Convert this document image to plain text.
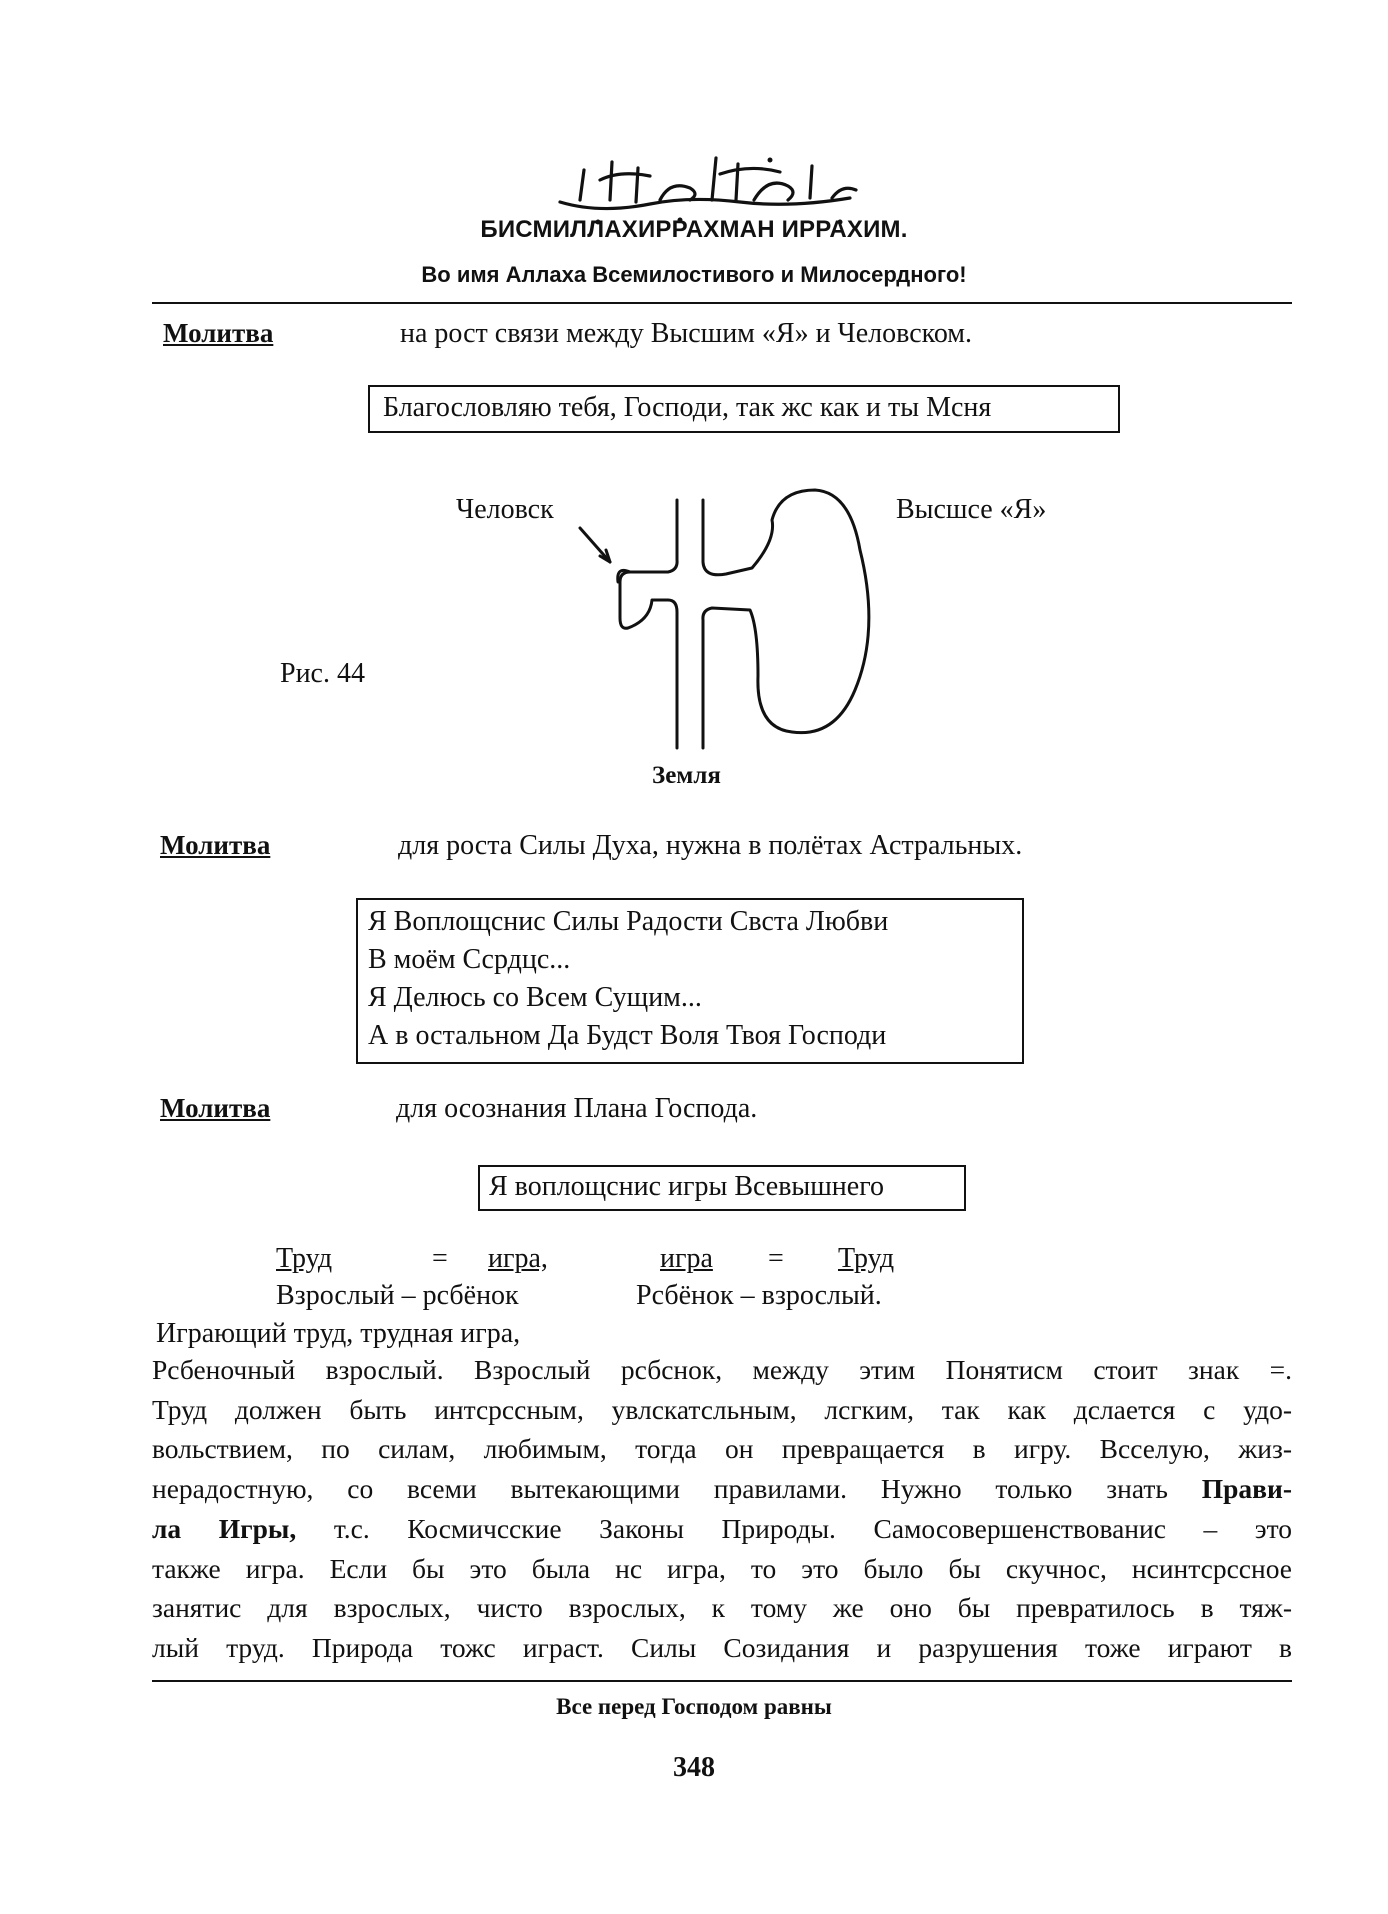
БИСМИЛЛАХИРРАХМАН ИРРАХИМ.
Во имя Аллаха Всемилостивого и Милосердного!
Молитва	на рост связи между Высшим «Я» и Человском.
Благословляю тебя, Господи, так жс как и ты Мсня
Человск	Высшсе «Я»
Рис. 44
Земля
Молитва	для роста Силы Духа, нужна в полётах Астральных.
Я Воплощснис Силы Радости Свста Любви
В моём Ссрдцс...
Я Делюсь со Всем Сущим...
А в остальном Да Будст Воля Твоя Господи
Молитва	для осознания Плана Господа.
Я воплощснис игры Всевышнего
Труд	= игра,	игра = Труд
Взрослый – рсбёнок	Рсбёнок – взрослый.
Играющий труд, трудная игра,

Рсбеночный взрослый. Взрослый рсбснок, между этим Понятисм стоит знак =.

Труд должен быть интсрссным, увлскатсльным, лсгким, так как дслается с удо-

вольствием, по силам, любимым, тогда он превращается в игру. Всселую, жиз-

нерадостную, со всеми вытекающими правилами. Нужно только знать Прави-

ла Игры, т.с. Космичсские Законы Природы. Самосовершенствованис – это

также игра. Если бы это была нс игра, то это было бы скучнос, нсинтсрссное

занятис для взрослых, чисто взрослых, к тому же оно бы превратилось в тяж-

лый труд. Природа тожс играст. Силы Созидания и разрушения тоже играют в

Все перед Господом равны
348
